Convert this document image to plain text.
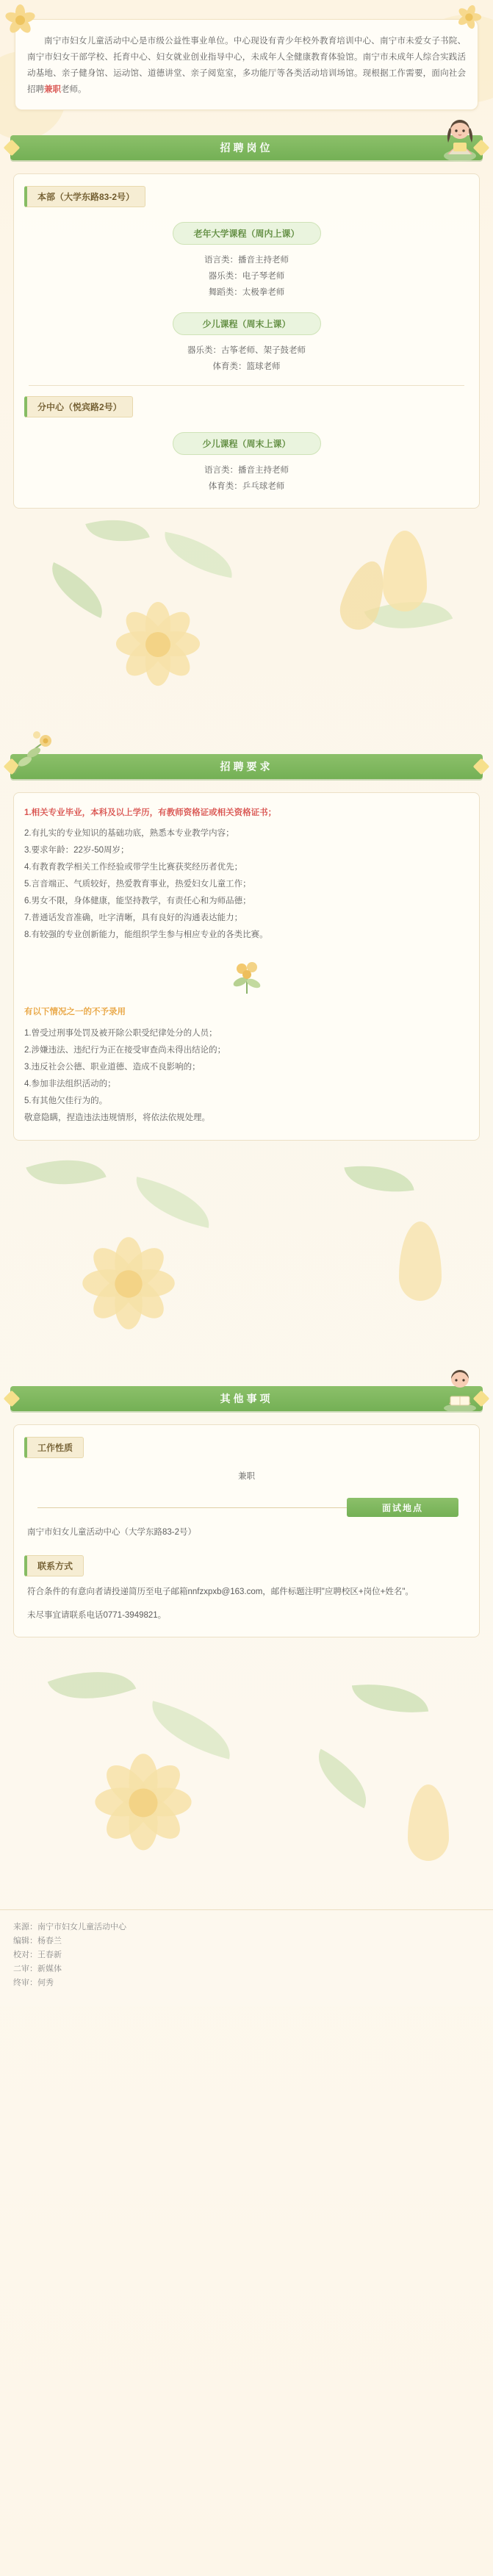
南宁市妇女儿童活动中心是市级公益性事业单位。中心现设有青少年校外教育培训中心、南宁市未爱女子书院、南宁市妇女干部学校、托育中心、妇女就业创业指导中心，未成年人全健康教育体验馆。南宁市未成年人综合实践活动基地、亲子健身馆、运动馆、道德讲堂、亲子阅览室，多功能厅等各类活动培训场馆。现根据工作需要，面向社会招聘兼职老师。

招聘岗位
本部（大学东路83-2号）
老年大学课程（周内上课）
语言类：播音主持老师
器乐类：电子琴老师
舞蹈类：太极拳老师
少儿课程（周末上课）
器乐类：古筝老师、架子鼓老师
体育类：篮球老师
分中心（悦宾路2号）
少儿课程（周末上课）
语言类：播音主持老师
体育类：乒乓球老师
招聘要求

1.相关专业毕业，本科及以上学历，有教师资格证或相关资格证书；

2.有扎实的专业知识的基础功底，熟悉本专业教学内容；
3.要求年龄：22岁-50周岁；
4.有教育教学相关工作经验或带学生比赛获奖经历者优先；
5.言音端正、气质较好，热爱教育事业，热爱妇女儿童工作；
6.男女不限，身体健康，能坚持教学，有责任心和为师品德；
7.普通话发音准确，吐字清晰，具有良好的沟通表达能力；
8.有较强的专业创新能力，能组织学生参与相应专业的各类比赛。

有以下情况之一的不予录用

1.曾受过刑事处罚及被开除公职受纪律处分的人员；
2.涉嫌违法、违纪行为正在接受审查尚未得出结论的；
3.违反社会公德、职业道德、造成不良影响的；
4.参加非法组织活动的；
5.有其他欠佳行为的。
敬意隐瞒，捏造违法违规情形，将依法依规处理。
其他事项
工作性质
兼职
面试地点
南宁市妇女儿童活动中心（大学东路83-2号）
联系方式
符合条件的有意向者请投递简历至电子邮箱nnfzxpxb@163.com，邮件标题注明"应聘校区+岗位+姓名"。
未尽事宜请联系电话0771-3949821。
来源：南宁市妇女儿童活动中心
编辑：杨春兰
校对：王春新
二审：新媒体
终审：何秀
